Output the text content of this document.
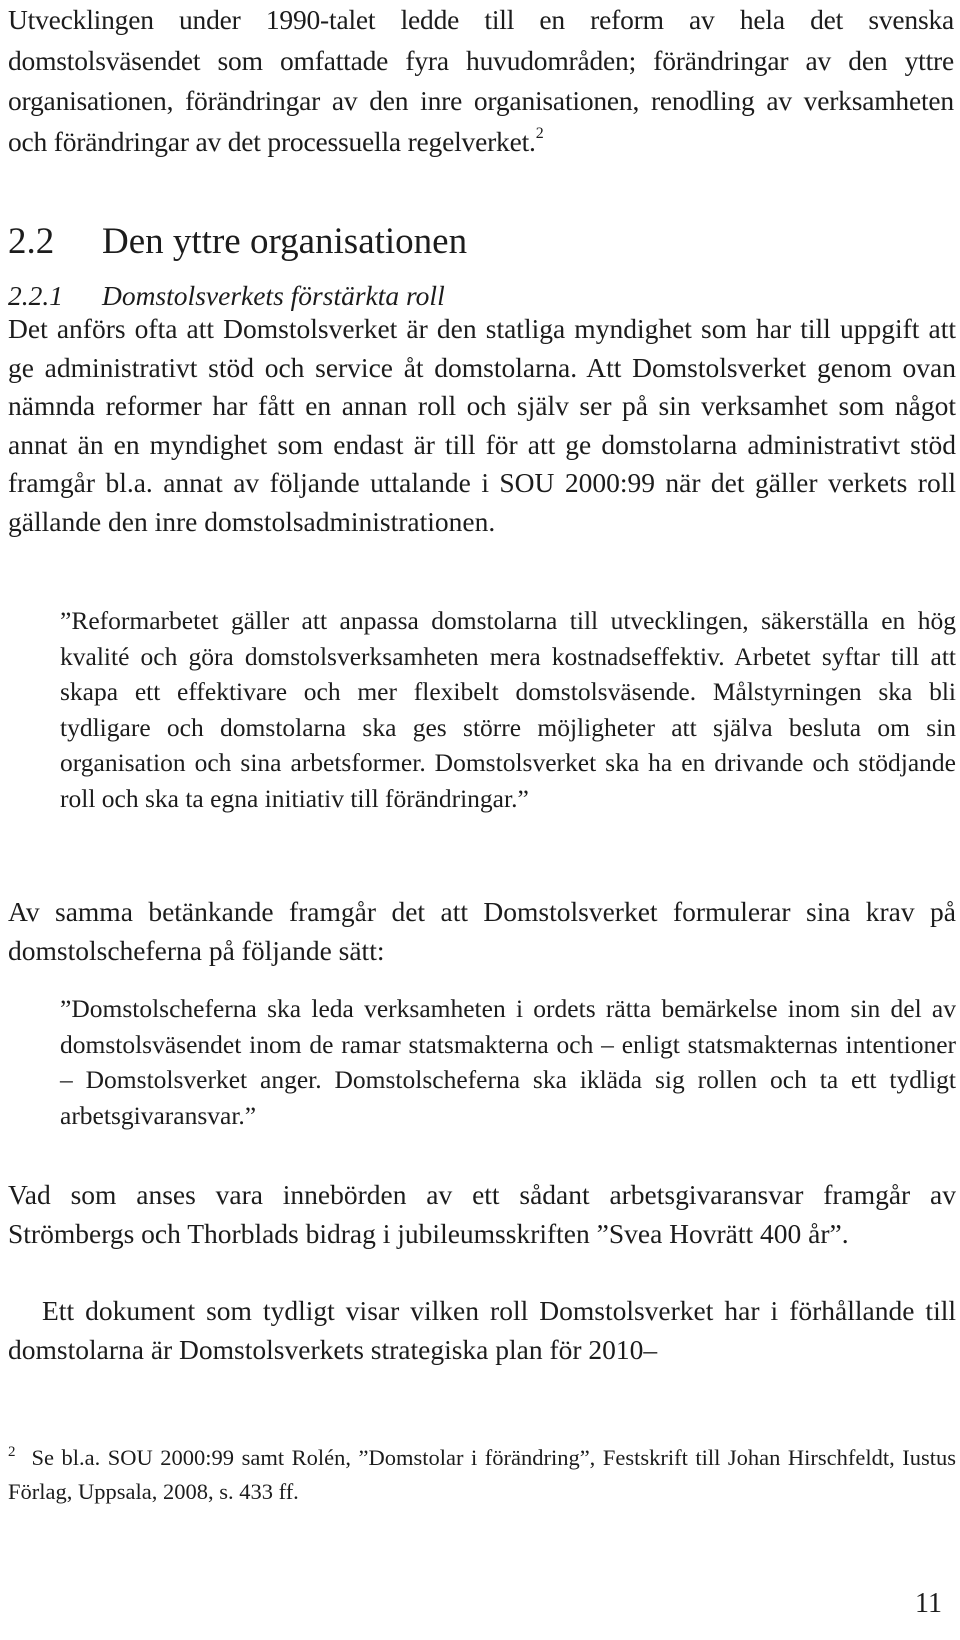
Utvecklingen under 1990-talet ledde till en reform av hela det svenska domstolsväsendet som omfattade fyra huvudområden; förändringar av den yttre organisationen, förändringar av den inre organisationen, renodling av verksamheten och förändringar av det processuella regelverket.$^2$

2.2 Den yttre organisationen
2.2.1 Domstolsverkets förstärkta roll

Det anförs ofta att Domstolsverket är den statliga myndighet som har till uppgift att ge administrativt stöd och service åt domstolarna. Att Domstolsverket genom ovan nämnda reformer har fått en annan roll och själv ser på sin verksamhet som något annat än en myndighet som endast är till för att ge domstolarna administrativt stöd framgår bl.a. annat av följande uttalande i SOU 2000:99 när det gäller verkets roll gällande den inre domstolsadministrationen.

”Reformarbetet gäller att anpassa domstolarna till utvecklingen, säkerställa en hög kvalité och göra domstolsverksamheten mera kostnadseffektiv. Arbetet syftar till att skapa ett effektivare och mer flexibelt domstolsväsende. Målstyrningen ska bli tydligare och domstolarna ska ges större möjligheter att själva besluta om sin organisation och sina arbetsformer. Domstolsverket ska ha en drivande och stödjande roll och ska ta egna initiativ till förändringar.”

Av samma betänkande framgår det att Domstolsverket formulerar sina krav på domstolscheferna på följande sätt:

”Domstolscheferna ska leda verksamheten i ordets rätta bemärkelse inom sin del av domstolsväsendet inom de ramar statsmakterna och – enligt statsmakternas intentioner – Domstolsverket anger. Domstolscheferna ska ikläda sig rollen och ta ett tydligt arbetsgivaransvar.”

Vad som anses vara innebörden av ett sådant arbetsgivaransvar framgår av Strömbergs och Thorblads bidrag i jubileumsskriften ”Svea Hovrätt 400 år”.

Ett dokument som tydligt visar vilken roll Domstolsverket har i förhållande till domstolarna är Domstolsverkets strategiska plan för 2010–

$^2$ Se bl.a. SOU 2000:99 samt Rolén, ”Domstolar i förändring”, Festskrift till Johan Hirschfeldt, Iustus Förlag, Uppsala, 2008, s. 433 ff.

11
